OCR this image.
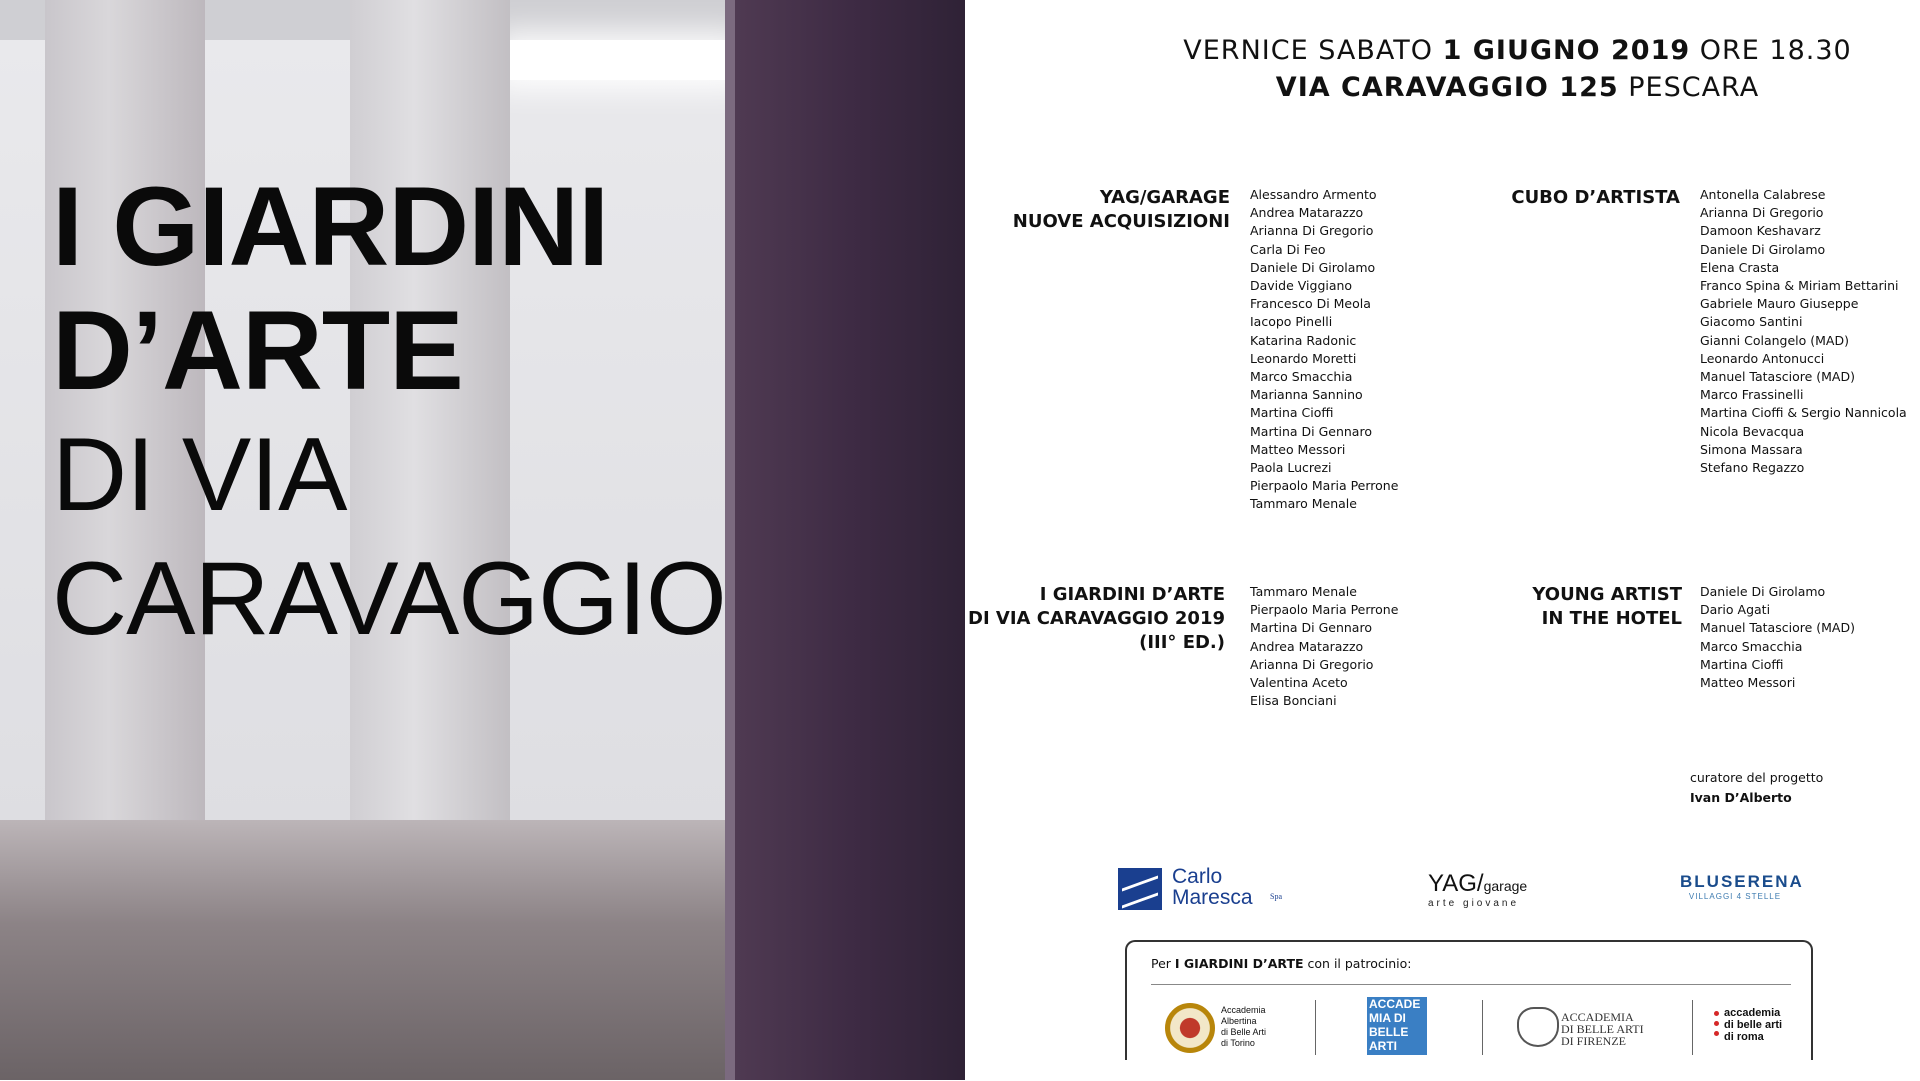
I GIARDINI
D’ARTE
DI VIA
CARAVAGGIO
VERNICE SABATO 1 GIUGNO 2019 ORE 18.30
VIA CARAVAGGIO 125 PESCARA
YAG/GARAGE
NUOVE ACQUISIZIONI
Alessandro Armento
Andrea Matarazzo
Arianna Di Gregorio
Carla Di Feo
Daniele Di Girolamo
Davide Viggiano
Francesco Di Meola
Iacopo Pinelli
Katarina Radonic
Leonardo Moretti
Marco Smacchia
Marianna Sannino
Martina Cioffi
Martina Di Gennaro
Matteo Messori
Paola Lucrezi
Pierpaolo Maria Perrone
Tammaro Menale
CUBO D’ARTISTA Antonella Calabrese
Arianna Di Gregorio
Damoon Keshavarz
Daniele Di Girolamo
Elena Crasta
Franco Spina & Miriam Bettarini
Gabriele Mauro Giuseppe
Giacomo Santini
Gianni Colangelo (MAD)
Leonardo Antonucci
Manuel Tatasciore (MAD)
Marco Frassinelli
Martina Cioffi & Sergio Nannicola
Nicola Bevacqua
Simona Massara
Stefano Regazzo
I GIARDINI D’ARTE
DI VIA CARAVAGGIO 2019
(III° ED.)
Tammaro Menale
Pierpaolo Maria Perrone
Martina Di Gennaro
Andrea Matarazzo
Arianna Di Gregorio
Valentina Aceto
Elisa Bonciani
YOUNG ARTIST
IN THE HOTEL
Daniele Di Girolamo
Dario Agati
Manuel Tatasciore (MAD)
Marco Smacchia
Martina Cioffi
Matteo Messori
curatore del progetto
Ivan D’Alberto
Carlo
Maresca Spa	YAG/garage
arte giovane
BLUSERENA
VILLAGGI 4 STELLE
Per I GIARDINI D’ARTE con il patrocinio:
Accademia
Albertina
di Belle Arti
di Torino
ACCADE
MIA DI
BELLE ARTI
DI NAPOLI
ACCADEMIA
DI BELLE ARTI
DI FIRENZE
accademia
di belle arti
di roma
